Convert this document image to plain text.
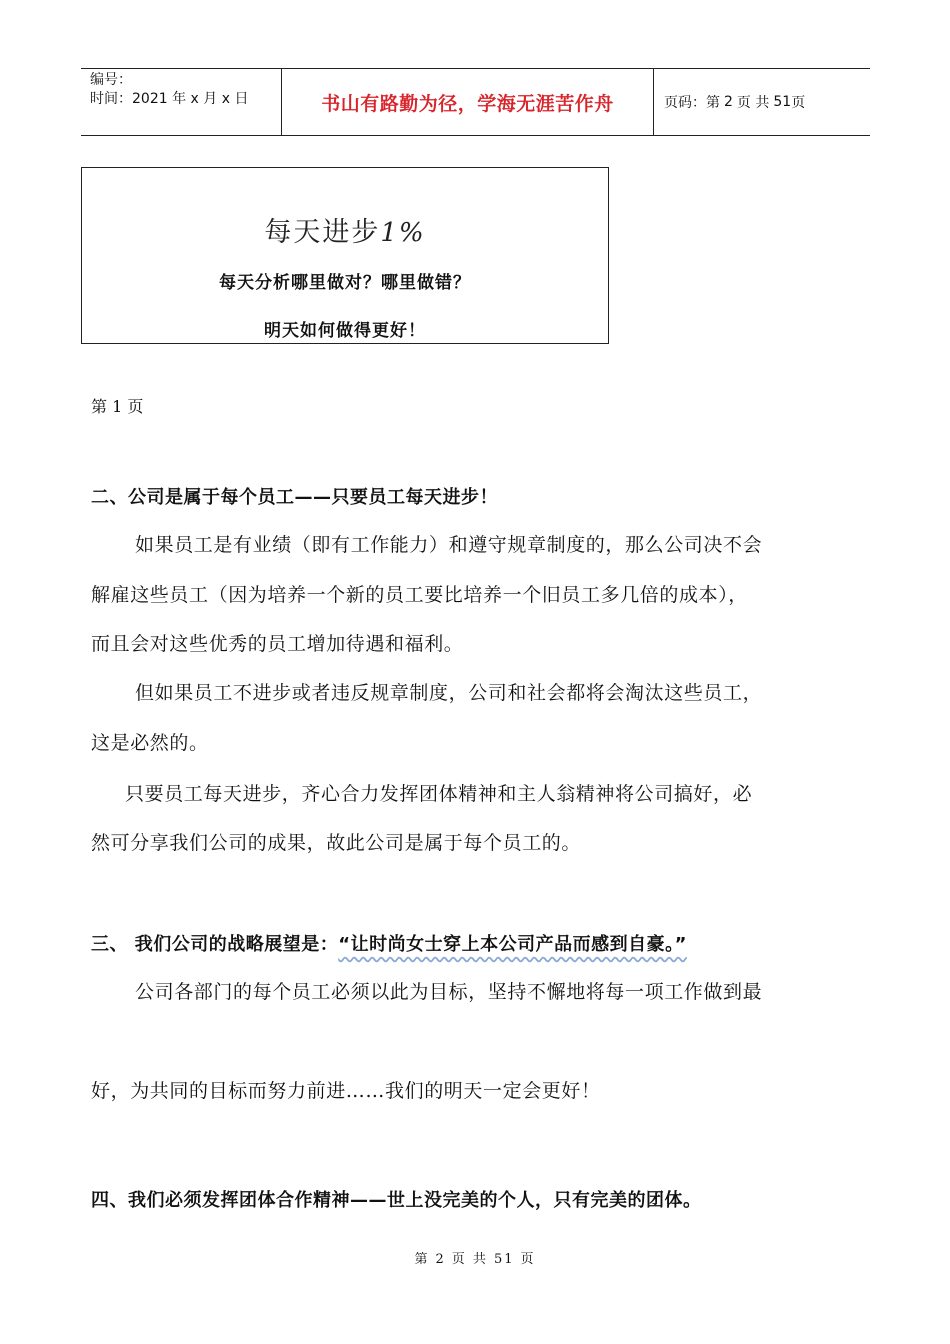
编号：
时间：2021 年 x 月 x 日	书山有路勤为径，学海无涯苦作舟	页码：第 2 页 共 51 页
每天进步1%
每天分析哪里做对？哪里做错？
明天如何做得更好！
第 1 页
二、公司是属于每个员工——只要员工每天进步！
如果员工是有业绩（即有工作能力）和遵守规章制度的，那么公司决不会
解雇这些员工（因为培养一个新的员工要比培养一个旧员工多几倍的成本），
而且会对这些优秀的员工增加待遇和福利。
但如果员工不进步或者违反规章制度，公司和社会都将会淘汰这些员工，
这是必然的。
只要员工每天进步，齐心合力发挥团体精神和主人翁精神将公司搞好，必
然可分享我们公司的成果，故此公司是属于每个员工的。
三、 我们公司的战略展望是：“让时尚女士穿上本公司产品而感到自豪。”
公司各部门的每个员工必须以此为目标，坚持不懈地将每一项工作做到最
好，为共同的目标而努力前进……我们的明天一定会更好！
四、我们必须发挥团体合作精神——世上没完美的个人，只有完美的团体。
第 2 页 共 51 页
